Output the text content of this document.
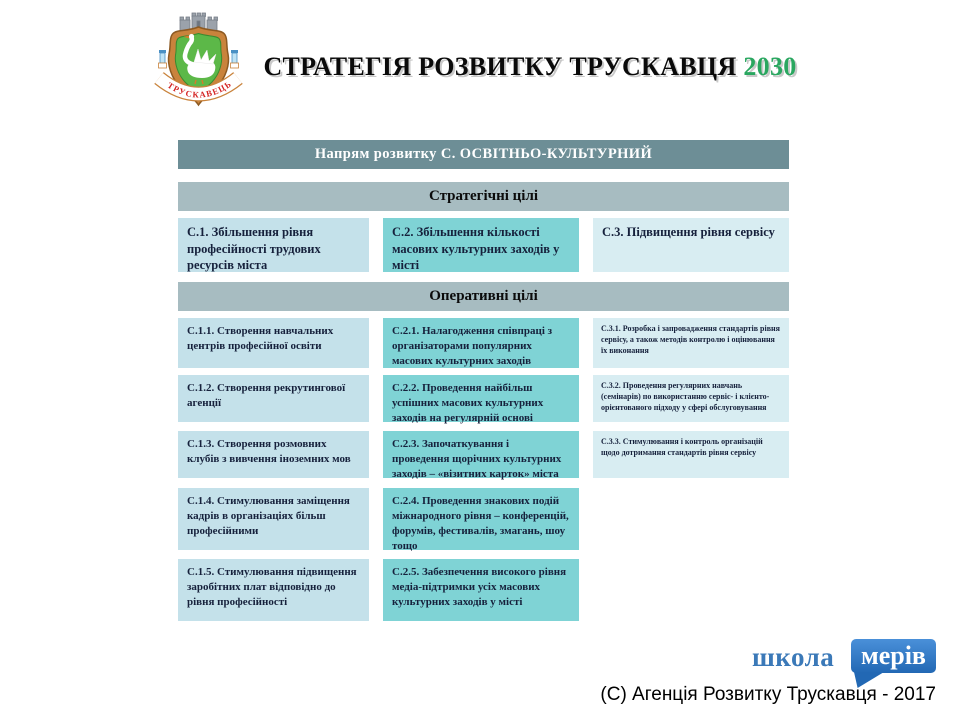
ТРУСКАВЕЦЬ
СТРАТЕГІЯ РОЗВИТКУ ТРУСКАВЦЯ 2030
Напрям розвитку С. ОСВІТНЬО-КУЛЬТУРНИЙ
Стратегічні цілі
С.1. Збільшення рівня професійності трудових ресурсів міста
С.2. Збільшення кількості масових культурних заходів у місті
С.3. Підвищення рівня сервісу
Оперативні цілі
С.1.1. Створення навчальних центрів професійної освіти
С.2.1. Налагодження співпраці з організаторами популярних масових культурних заходів
С.3.1. Розробка і запровадження стандартів рівня сервісу, а також методів контролю і оцінювання їх виконання
С.1.2. Створення рекрутингової агенції
С.2.2. Проведення найбільш успішних масових культурних заходів на регулярній основі
С.3.2. Проведення регулярних навчань (семінарів) по використанню сервіс- і клієнто-орієнтованого підходу у сфері обслуговування
С.1.3. Створення розмовних клубів з вивчення іноземних мов
С.2.3. Започаткування і проведення щорічних культурних заходів – «візитних карток» міста
С.3.3. Стимулювання і контроль організацій щодо дотримання стандартів рівня сервісу
С.1.4. Стимулювання заміщення кадрів в організаціях більш професійними
С.2.4. Проведення знакових подій міжнародного рівня – конференцій, форумів, фестивалів, змагань, шоу тощо
С.1.5. Стимулювання підвищення заробітних плат відповідно до рівня професійності
С.2.5. Забезпечення високого рівня медіа-підтримки усіх масових культурних заходів у місті
школа	мерів
(С) Агенція Розвитку Трускавця - 2017
